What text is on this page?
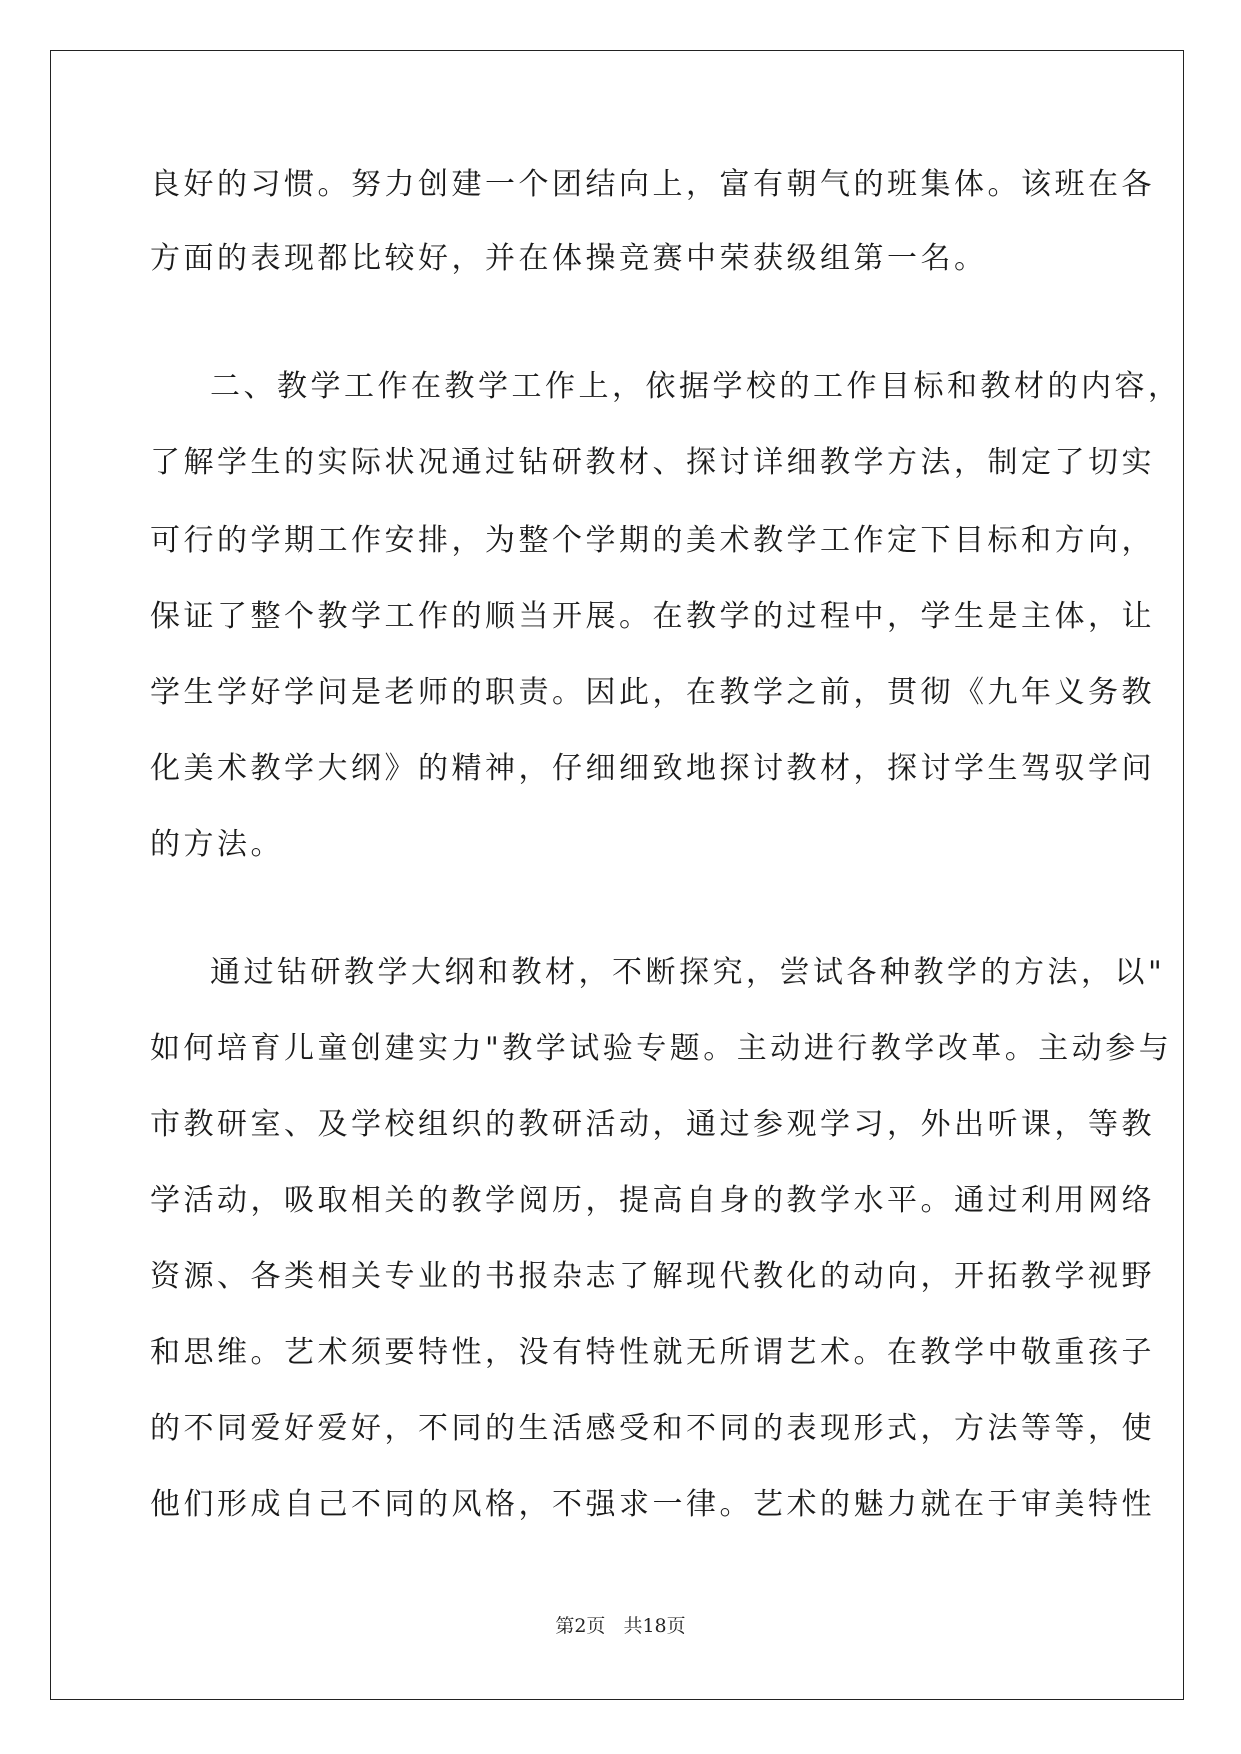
良好的习惯。努力创建一个团结向上，富有朝气的班集体。该班在各
方面的表现都比较好，并在体操竞赛中荣获级组第一名。
二、教学工作在教学工作上，依据学校的工作目标和教材的内容，
了解学生的实际状况通过钻研教材、探讨详细教学方法，制定了切实
可行的学期工作安排，为整个学期的美术教学工作定下目标和方向，
保证了整个教学工作的顺当开展。在教学的过程中，学生是主体，让
学生学好学问是老师的职责。因此，在教学之前，贯彻《九年义务教
化美术教学大纲》的精神，仔细细致地探讨教材，探讨学生驾驭学问
的方法。
通过钻研教学大纲和教材，不断探究，尝试各种教学的方法，以"
如何培育儿童创建实力"教学试验专题。主动进行教学改革。主动参与
市教研室、及学校组织的教研活动，通过参观学习，外出听课，等教
学活动，吸取相关的教学阅历，提高自身的教学水平。通过利用网络
资源、各类相关专业的书报杂志了解现代教化的动向，开拓教学视野
和思维。艺术须要特性，没有特性就无所谓艺术。在教学中敬重孩子
的不同爱好爱好，不同的生活感受和不同的表现形式，方法等等，使
他们形成自己不同的风格，不强求一律。艺术的魅力就在于审美特性
第2页 共18页
